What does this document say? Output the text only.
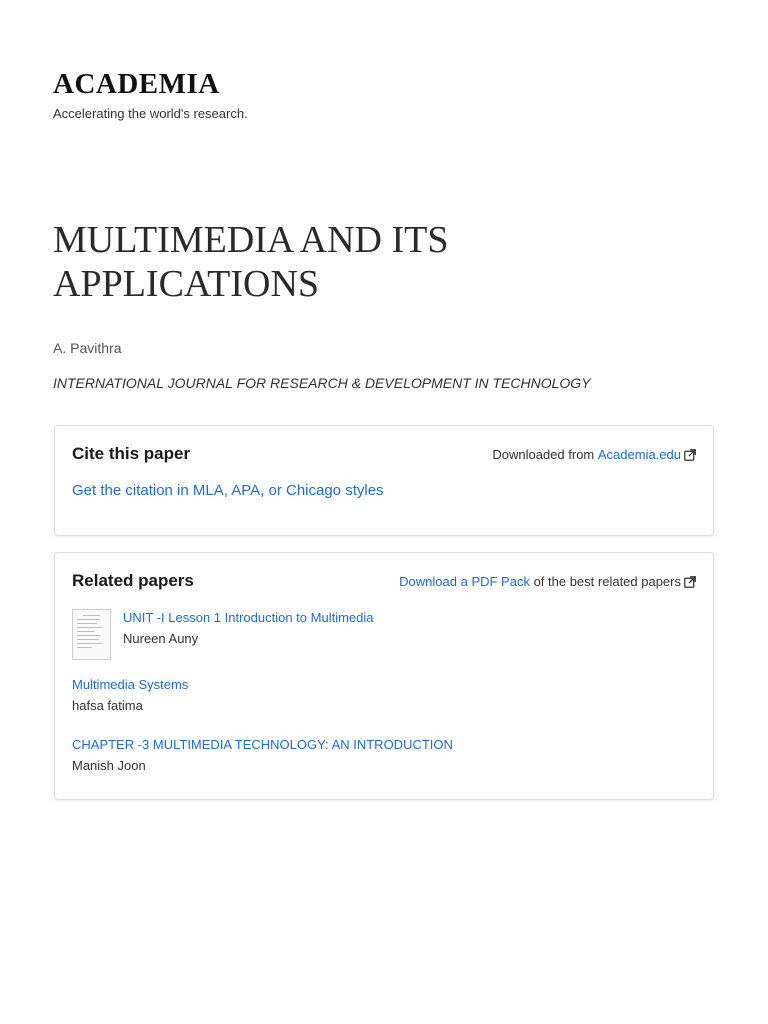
ACADEMIA
Accelerating the world's research.
MULTIMEDIA AND ITS APPLICATIONS
A. Pavithra
INTERNATIONAL JOURNAL FOR RESEARCH & DEVELOPMENT IN TECHNOLOGY
Cite this paper	Downloaded from Academia.edu
Get the citation in MLA, APA, or Chicago styles
Related papers	Download a PDF Pack of the best related papers
UNIT -I Lesson 1 Introduction to Multimedia
Nureen Auny
Multimedia Systems
hafsa fatima
CHAPTER -3 MULTIMEDIA TECHNOLOGY: AN INTRODUCTION
Manish Joon
